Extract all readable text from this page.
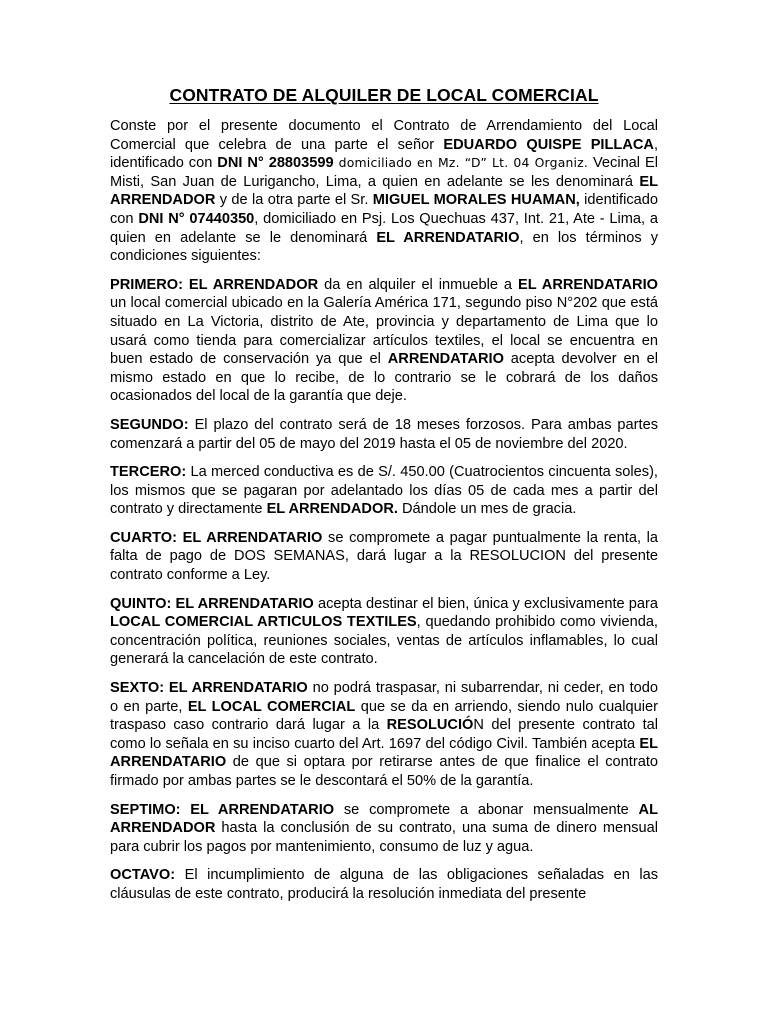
CONTRATO DE ALQUILER DE LOCAL COMERCIAL

Conste por el presente documento el Contrato de Arrendamiento del Local Comercial que celebra de una parte el señor EDUARDO QUISPE PILLACA, identificado con DNI N° 28803599 domiciliado en Mz. “D” Lt. 04 Organiz. Vecinal El Misti, San Juan de Lurigancho, Lima, a quien en adelante se les denominará EL ARRENDADOR y de la otra parte el Sr. MIGUEL MORALES HUAMAN, identificado con DNI N° 07440350, domiciliado en Psj. Los Quechuas 437, Int. 21, Ate - Lima, a quien en adelante se le denominará EL ARRENDATARIO, en los términos y condiciones siguientes:

PRIMERO: EL ARRENDADOR da en alquiler el inmueble a EL ARRENDATARIO un local comercial ubicado en la Galería América 171, segundo piso N°202 que está situado en La Victoria, distrito de Ate, provincia y departamento de Lima que lo usará como tienda para comercializar artículos textiles, el local se encuentra en buen estado de conservación ya que el ARRENDATARIO acepta devolver en el mismo estado en que lo recibe, de lo contrario se le cobrará de los daños ocasionados del local de la garantía que deje.

SEGUNDO: El plazo del contrato será de 18 meses forzosos. Para ambas partes comenzará a partir del 05 de mayo del 2019 hasta el 05 de noviembre del 2020.

TERCERO: La merced conductiva es de S/. 450.00 (Cuatrocientos cincuenta soles), los mismos que se pagaran por adelantado los días 05 de cada mes a partir del contrato y directamente EL ARRENDADOR. Dándole un mes de gracia.

CUARTO: EL ARRENDATARIO se compromete a pagar puntualmente la renta, la falta de pago de DOS SEMANAS, dará lugar a la RESOLUCION del presente contrato conforme a Ley.

QUINTO: EL ARRENDATARIO acepta destinar el bien, única y exclusivamente para LOCAL COMERCIAL ARTICULOS TEXTILES, quedando prohibido como vivienda, concentración política, reuniones sociales, ventas de artículos inflamables, lo cual generará la cancelación de este contrato.

SEXTO: EL ARRENDATARIO no podrá traspasar, ni subarrendar, ni ceder, en todo o en parte, EL LOCAL COMERCIAL que se da en arriendo, siendo nulo cualquier traspaso caso contrario dará lugar a la RESOLUCIÓN del presente contrato tal como lo señala en su inciso cuarto del Art. 1697 del código Civil. También acepta EL ARRENDATARIO de que si optara por retirarse antes de que finalice el contrato firmado por ambas partes se le descontará el 50% de la garantía.

SEPTIMO: EL ARRENDATARIO se compromete a abonar mensualmente AL ARRENDADOR hasta la conclusión de su contrato, una suma de dinero mensual para cubrir los pagos por mantenimiento, consumo de luz y agua.

OCTAVO: El incumplimiento de alguna de las obligaciones señaladas en las cláusulas de este contrato, producirá la resolución inmediata del presente
